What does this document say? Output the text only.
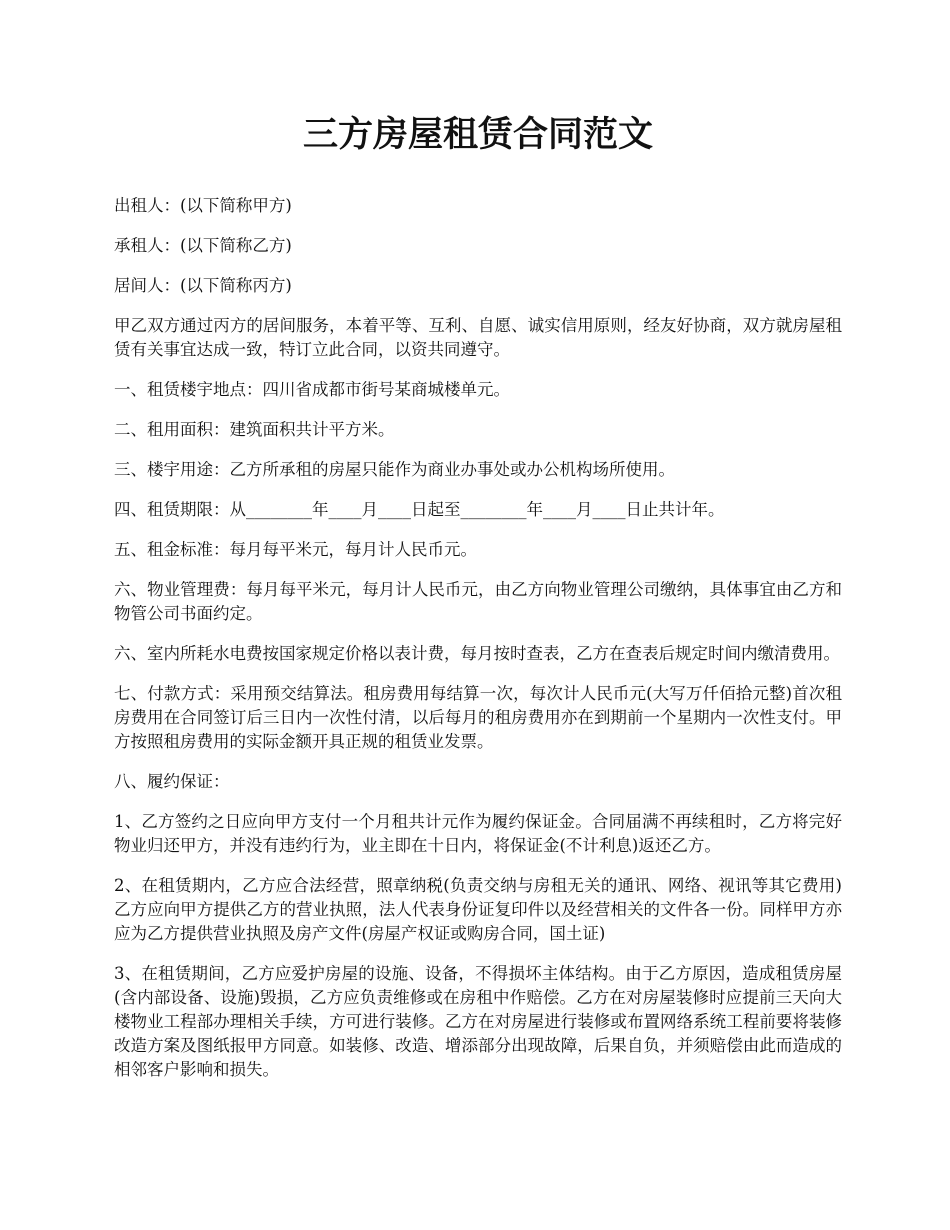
三方房屋租赁合同范文

出租人：(以下简称甲方)

承租人：(以下简称乙方)

居间人：(以下简称丙方)

甲乙双方通过丙方的居间服务，本着平等、互利、自愿、诚实信用原则，经友好协商，双方就房屋租赁有关事宜达成一致，特订立此合同，以资共同遵守。

一、租赁楼宇地点：四川省成都市街号某商城楼单元。

二、租用面积：建筑面积共计平方米。

三、楼宇用途：乙方所承租的房屋只能作为商业办事处或办公机构场所使用。

四、租赁期限：从________年____月____日起至________年____月____日止共计年。

五、租金标准：每月每平米元，每月计人民币元。

六、物业管理费：每月每平米元，每月计人民币元，由乙方向物业管理公司缴纳，具体事宜由乙方和物管公司书面约定。

六、室内所耗水电费按国家规定价格以表计费，每月按时查表，乙方在查表后规定时间内缴清费用。

七、付款方式：采用预交结算法。租房费用每结算一次，每次计人民币元(大写万仟佰拾元整)首次租房费用在合同签订后三日内一次性付清，以后每月的租房费用亦在到期前一个星期内一次性支付。甲方按照租房费用的实际金额开具正规的租赁业发票。

八、履约保证：

1、乙方签约之日应向甲方支付一个月租共计元作为履约保证金。合同届满不再续租时，乙方将完好物业归还甲方，并没有违约行为，业主即在十日内，将保证金(不计利息)返还乙方。

2、在租赁期内，乙方应合法经营，照章纳税(负责交纳与房租无关的通讯、网络、视讯等其它费用)乙方应向甲方提供乙方的营业执照，法人代表身份证复印件以及经营相关的文件各一份。同样甲方亦应为乙方提供营业执照及房产文件(房屋产权证或购房合同，国土证)

3、在租赁期间，乙方应爱护房屋的设施、设备，不得损坏主体结构。由于乙方原因，造成租赁房屋(含内部设备、设施)毁损，乙方应负责维修或在房租中作赔偿。乙方在对房屋装修时应提前三天向大楼物业工程部办理相关手续，方可进行装修。乙方在对房屋进行装修或布置网络系统工程前要将装修改造方案及图纸报甲方同意。如装修、改造、增添部分出现故障，后果自负，并须赔偿由此而造成的相邻客户影响和损失。
